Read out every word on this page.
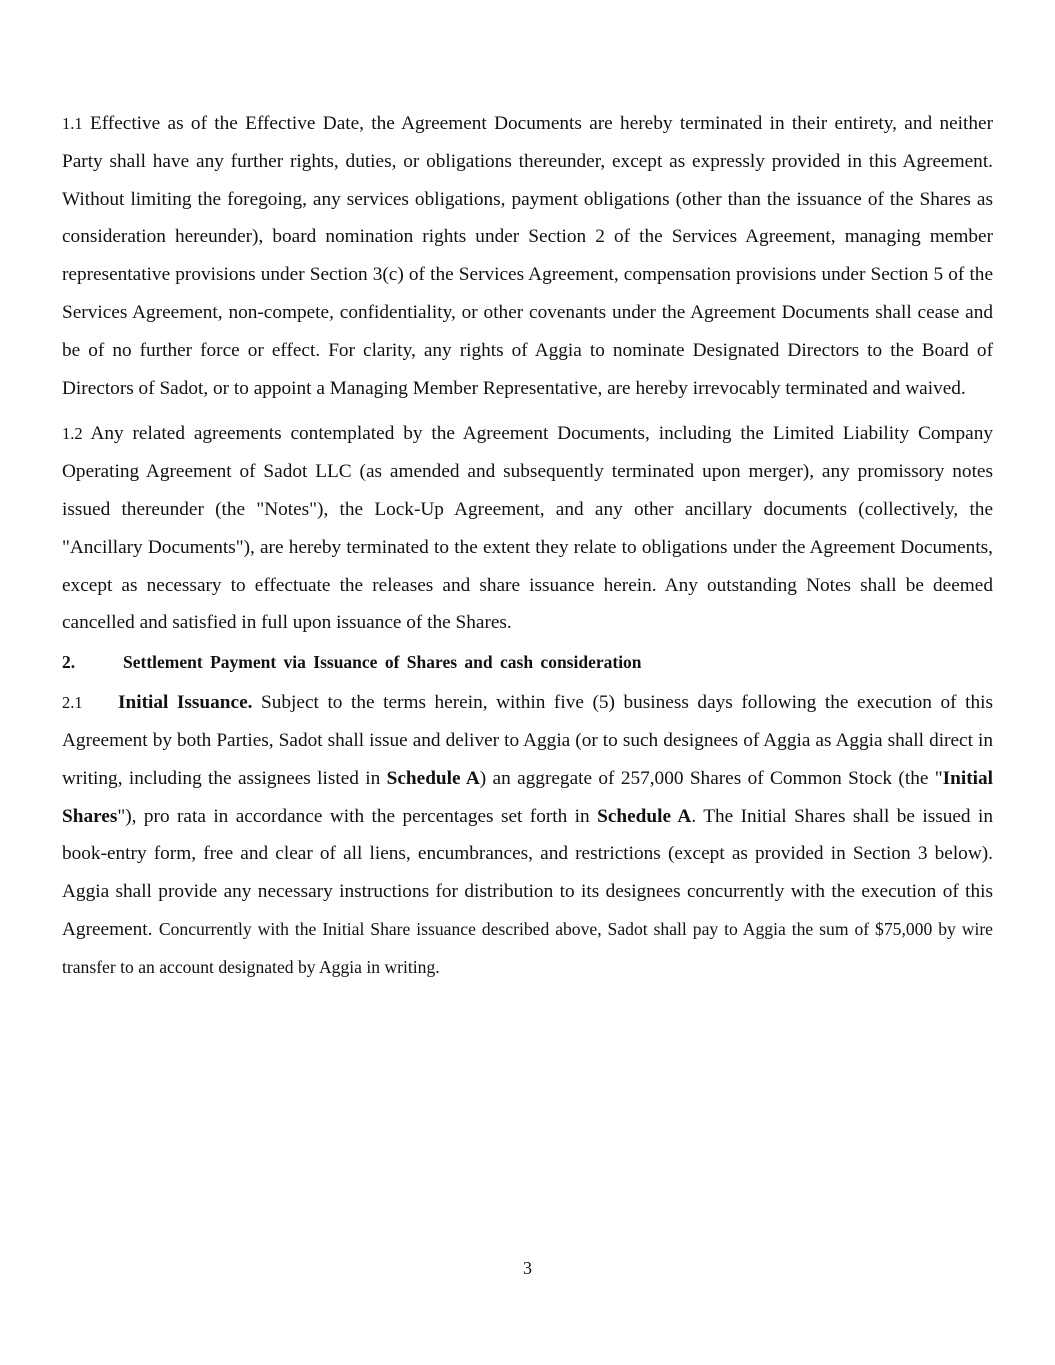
1.1 Effective as of the Effective Date, the Agreement Documents are hereby terminated in their entirety, and neither Party shall have any further rights, duties, or obligations thereunder, except as expressly provided in this Agreement. Without limiting the foregoing, any services obligations, payment obligations (other than the issuance of the Shares as consideration hereunder), board nomination rights under Section 2 of the Services Agreement, managing member representative provisions under Section 3(c) of the Services Agreement, compensation provisions under Section 5 of the Services Agreement, non-compete, confidentiality, or other covenants under the Agreement Documents shall cease and be of no further force or effect. For clarity, any rights of Aggia to nominate Designated Directors to the Board of Directors of Sadot, or to appoint a Managing Member Representative, are hereby irrevocably terminated and waived.

1.2 Any related agreements contemplated by the Agreement Documents, including the Limited Liability Company Operating Agreement of Sadot LLC (as amended and subsequently terminated upon merger), any promissory notes issued thereunder (the "Notes"), the Lock-Up Agreement, and any other ancillary documents (collectively, the "Ancillary Documents"), are hereby terminated to the extent they relate to obligations under the Agreement Documents, except as necessary to effectuate the releases and share issuance herein. Any outstanding Notes shall be deemed cancelled and satisfied in full upon issuance of the Shares.

2.	Settlement Payment via Issuance of Shares and cash consideration

2.1 Initial Issuance. Subject to the terms herein, within five (5) business days following the execution of this Agreement by both Parties, Sadot shall issue and deliver to Aggia (or to such designees of Aggia as Aggia shall direct in writing, including the assignees listed in Schedule A) an aggregate of 257,000 Shares of Common Stock (the "Initial Shares"), pro rata in accordance with the percentages set forth in Schedule A. The Initial Shares shall be issued in book-entry form, free and clear of all liens, encumbrances, and restrictions (except as provided in Section 3 below). Aggia shall provide any necessary instructions for distribution to its designees concurrently with the execution of this Agreement. Concurrently with the Initial Share issuance described above, Sadot shall pay to Aggia the sum of $75,000 by wire transfer to an account designated by Aggia in writing.

3
